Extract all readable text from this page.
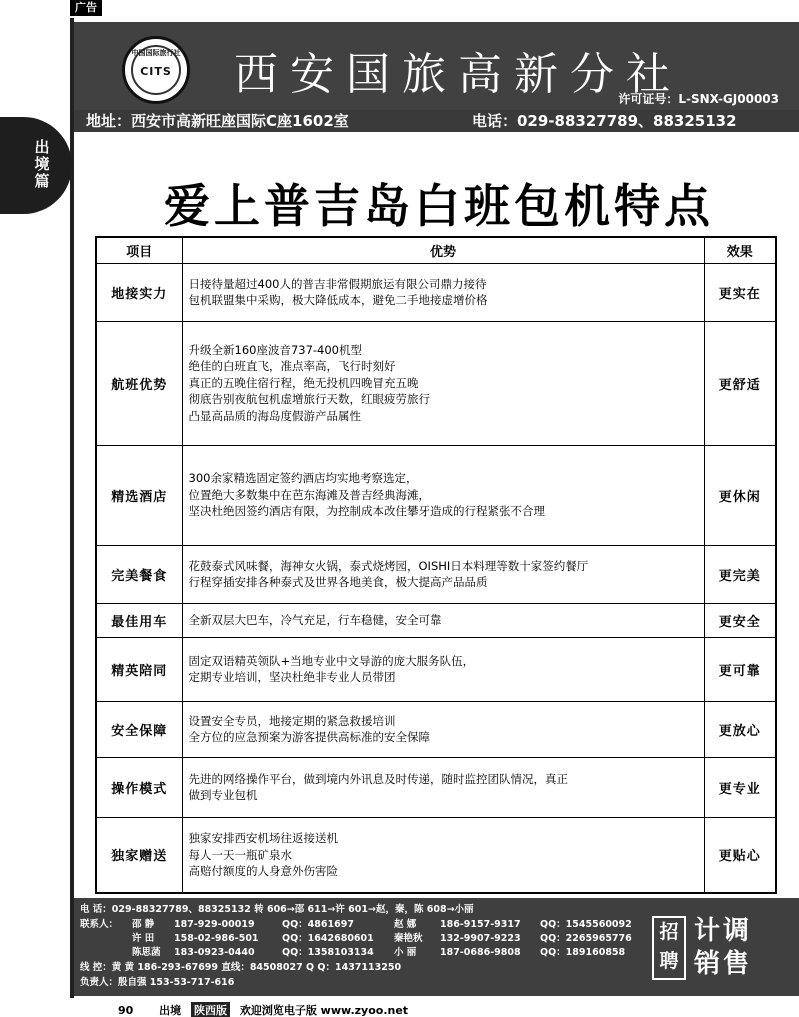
广告
出境篇
中国国际旅行社
CITS	西安国旅高新分社
许可证号：L-SNX-GJ00003
地址：西安市高新旺座国际C座1602室	电话：029-88327789、88325132
爱上普吉岛白班包机特点
项目	优势	效果
地接实力	日接待量超过400人的普吉非常假期旅运有限公司鼎力接待
包机联盟集中采购，极大降低成本，避免二手地接虚增价格	更实在
航班优势	升级全新160座波音737-400机型
绝佳的白班直飞，准点率高，飞行时刻好
真正的五晚住宿行程，绝无投机四晚冒充五晚
彻底告别夜航包机虚增旅行天数，红眼疲劳旅行
凸显高品质的海岛度假游产品属性	更舒适
精选酒店	300余家精选固定签约酒店均实地考察选定，
位置绝大多数集中在芭东海滩及普吉经典海滩，
坚决杜绝因签约酒店有限，为控制成本改住攀牙造成的行程紧张不合理	更休闲
完美餐食	花鼓泰式风味餐，海神女火锅，泰式烧烤园，OISHI日本料理等数十家签约餐厅
行程穿插安排各种泰式及世界各地美食，极大提高产品品质	更完美
最佳用车	全新双层大巴车，冷气充足，行车稳健，安全可靠	更安全
精英陪同	固定双语精英领队+当地专业中文导游的庞大服务队伍，
定期专业培训，坚决杜绝非专业人员带团	更可靠
安全保障	设置安全专员，地接定期的紧急救援培训
全方位的应急预案为游客提供高标准的安全保障	更放心
操作模式	先进的网络操作平台，做到境内外讯息及时传递，随时监控团队情况，真正
做到专业包机	更专业
独家赠送	独家安排西安机场往返接送机
每人一天一瓶矿泉水
高赔付额度的人身意外伤害险	更贴心
电 话：029-88327789、88325132 转 606→邵 611→许 601→赵，秦，陈 608→小丽
联系人： 邵 静 187-929-00019	QQ：4861697	赵 娜 186-9157-9317 QQ：1545560092
许 田 158-02-986-501 QQ：1642680601 秦艳秋 132-9907-9223 QQ：2265965776
陈思菡 183-0923-0440	QQ：1358103134 小 丽 187-0686-9808 QQ：189160858
线 控：黄 黄 186-293-67699 直线：84508027 Q Q：1437113250
负责人：殷自强 153-53-717-616
招
聘
计调
销售
90 出境 陕西版 欢迎浏览电子版 www.zyoo.net
